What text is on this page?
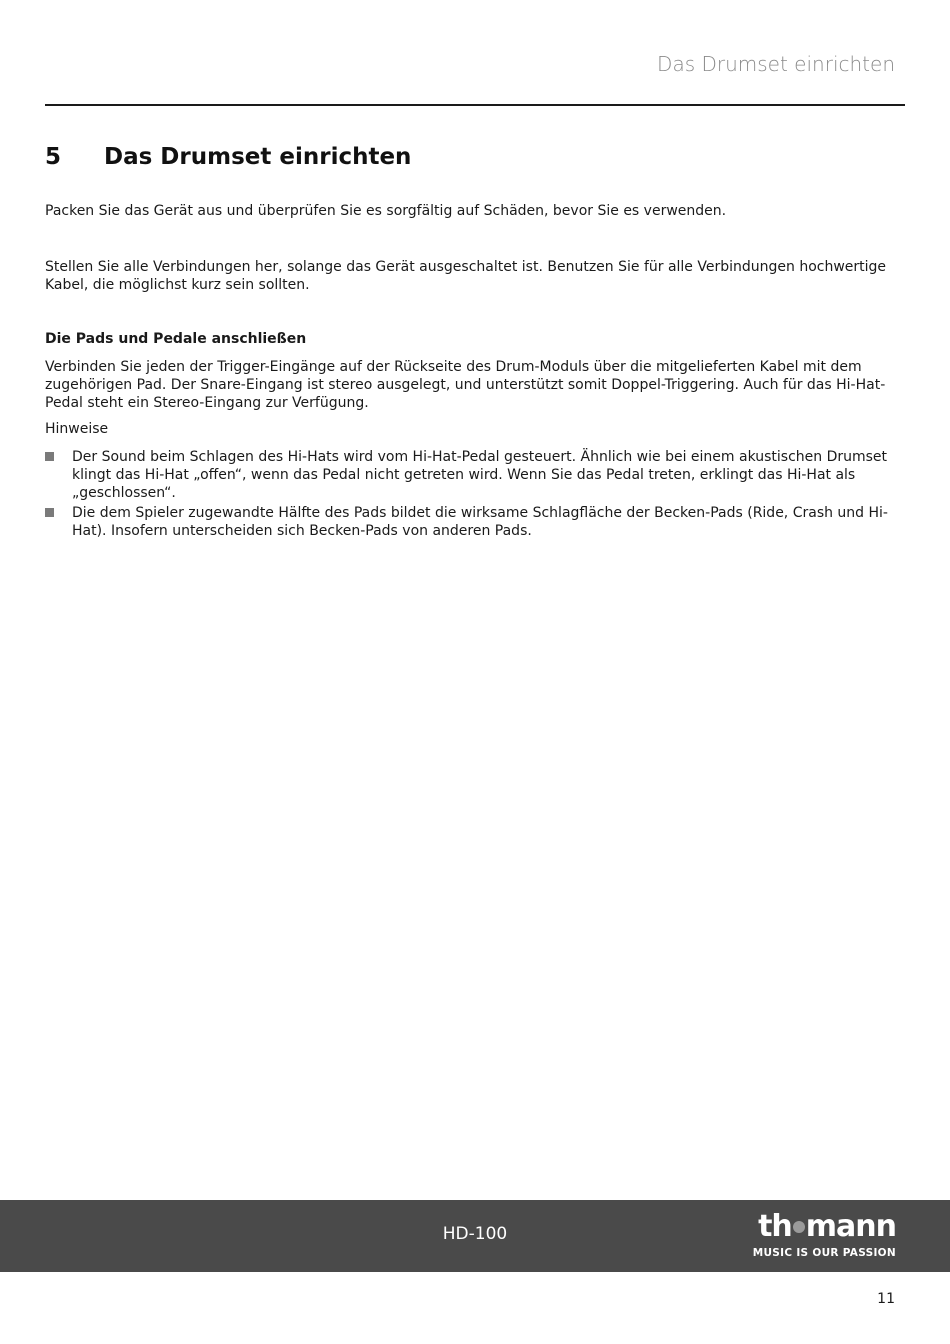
Das Drumset einrichten
5 Das Drumset einrichten
Packen Sie das Gerät aus und überprüfen Sie es sorgfältig auf Schäden, bevor Sie es verwenden.
Stellen Sie alle Verbindungen her, solange das Gerät ausgeschaltet ist. Benutzen Sie für alle Verbindungen hochwertige Kabel, die möglichst kurz sein sollten.
Die Pads und Pedale anschließen
Verbinden Sie jeden der Trigger-Eingänge auf der Rückseite des Drum-Moduls über die mitgelieferten Kabel mit dem zugehörigen Pad. Der Snare-Eingang ist stereo ausgelegt, und unterstützt somit Doppel-Triggering. Auch für das Hi-Hat-Pedal steht ein Stereo-Eingang zur Verfügung.
Hinweise
Der Sound beim Schlagen des Hi-Hats wird vom Hi-Hat-Pedal gesteuert. Ähnlich wie bei einem akustischen Drumset klingt das Hi-Hat „offen“, wenn das Pedal nicht getreten wird. Wenn Sie das Pedal treten, erklingt das Hi-Hat als „geschlossen“.
Die dem Spieler zugewandte Hälfte des Pads bildet die wirksame Schlagfläche der Becken-Pads (Ride, Crash und Hi-Hat). Insofern unterscheiden sich Becken-Pads von anderen Pads.
HD-100	th mann
MUSIC IS OUR PASSION
11
